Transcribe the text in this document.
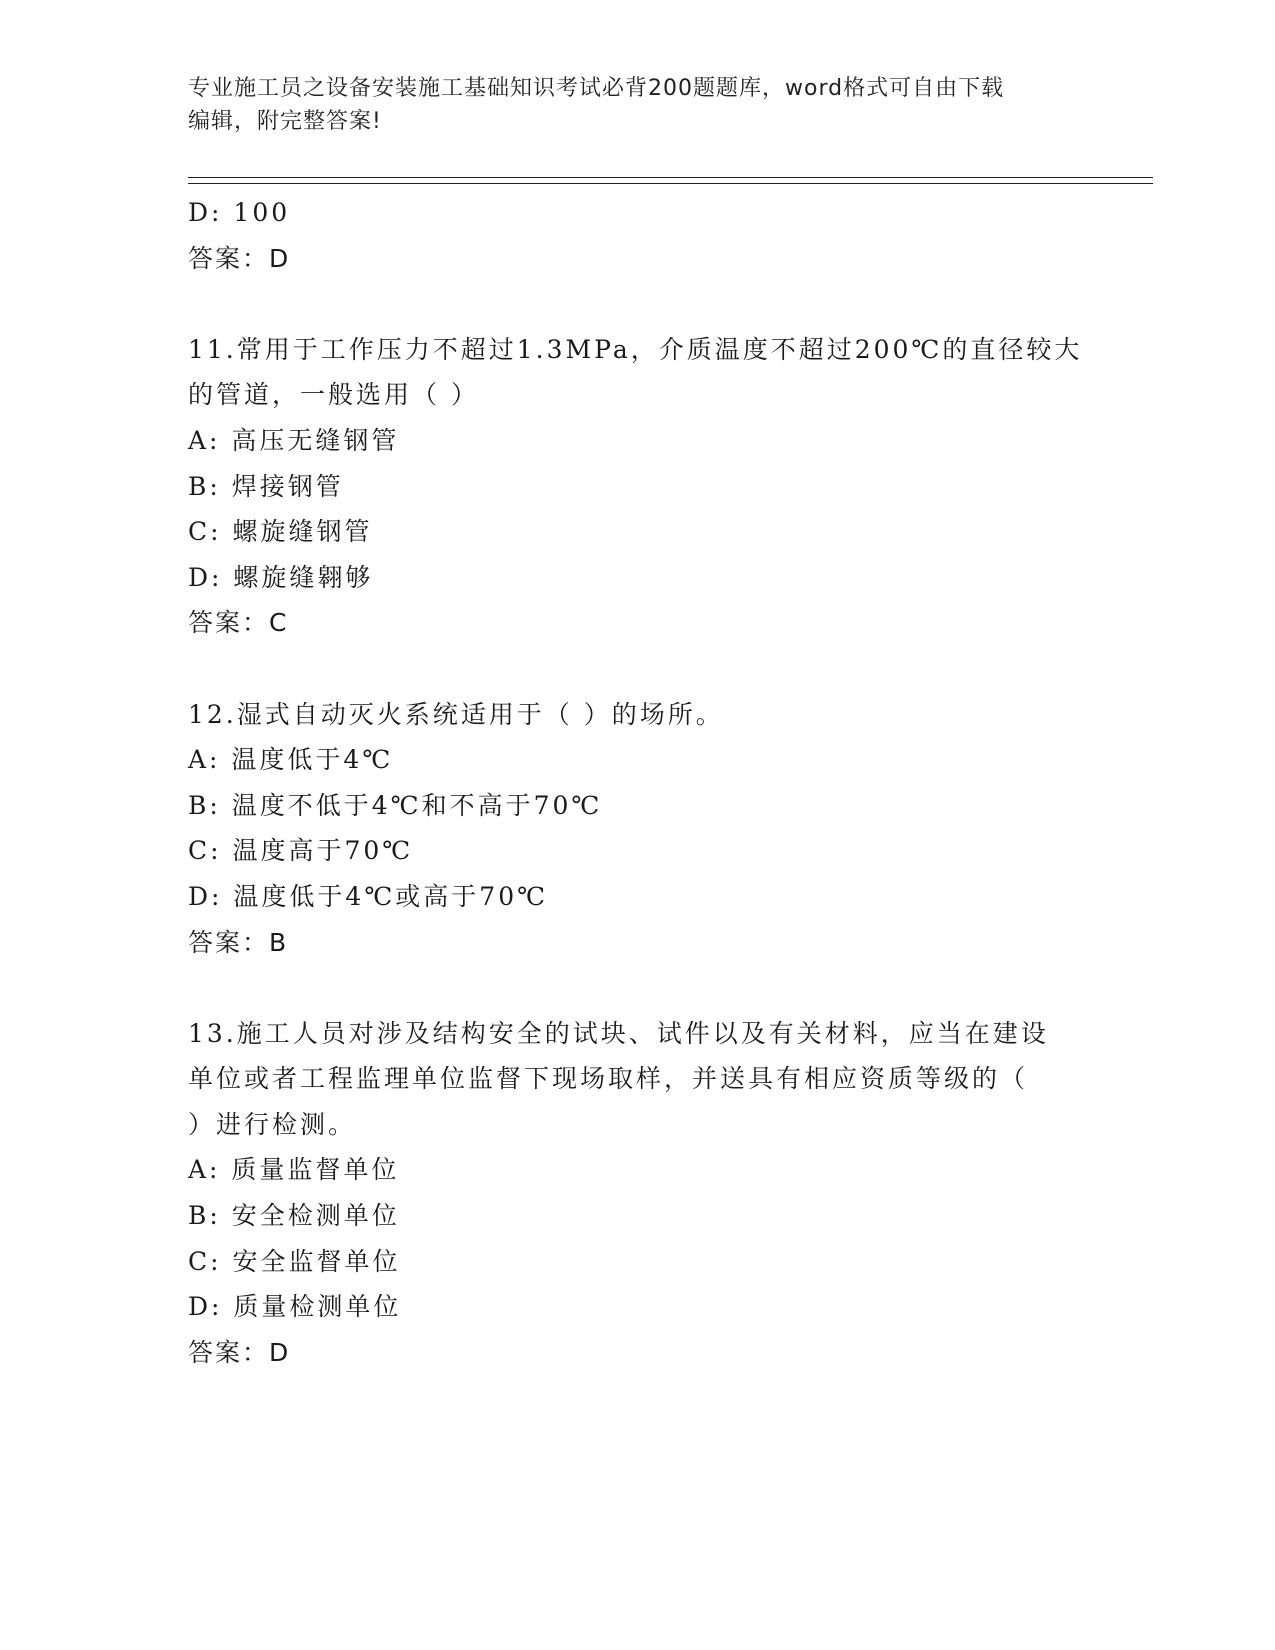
专业施工员之设备安装施工基础知识考试必背200题题库，word格式可自由下载
编辑，附完整答案!
D: 100
答案：D
11.常用于工作压力不超过1.3MPa，介质温度不超过200℃的直径较大
的管道，一般选用（ ）
A: 高压无缝钢管
B: 焊接钢管
C: 螺旋缝钢管
D: 螺旋缝翱够
答案：C
12.湿式自动灭火系统适用于（ ）的场所。
A: 温度低于4℃
B: 温度不低于4℃和不高于70℃
C: 温度高于70℃
D: 温度低于4℃或高于70℃
答案：B
13.施工人员对涉及结构安全的试块、试件以及有关材料，应当在建设
单位或者工程监理单位监督下现场取样，并送具有相应资质等级的（
）进行检测。
A: 质量监督单位
B: 安全检测单位
C: 安全监督单位
D: 质量检测单位
答案：D
